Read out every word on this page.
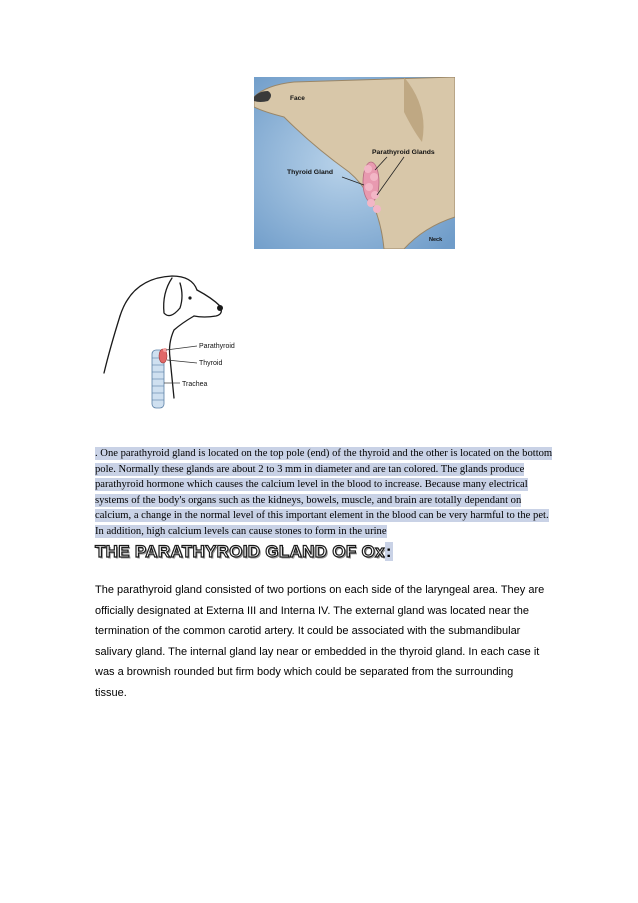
Face
Parathyroid Glands
Thyroid Gland
Neck
Parathyroid
Thyroid
Trachea

. One parathyroid gland is located on the top pole (end) of the thyroid and the other is located on the bottom pole. Normally these glands are about 2 to 3 mm in diameter and are tan colored. The glands produce parathyroid hormone which causes the calcium level in the blood to increase. Because many electrical systems of the body's organs such as the kidneys, bowels, muscle, and brain are totally dependant on calcium, a change in the normal level of this important element in the blood can be very harmful to the pet. In addition, high calcium levels can cause stones to form in the urine

THE PARATHYROID GLAND OF Ox:

The parathyroid gland consisted of two portions on each side of the laryngeal area. They are officially designated at Externa III and Interna IV. The external gland was located near the termination of the common carotid artery. It could be associated with the submandibular salivary gland. The internal gland lay near or embedded in the thyroid gland. In each case it was a brownish rounded but firm body which could be separated from the surrounding tissue.
